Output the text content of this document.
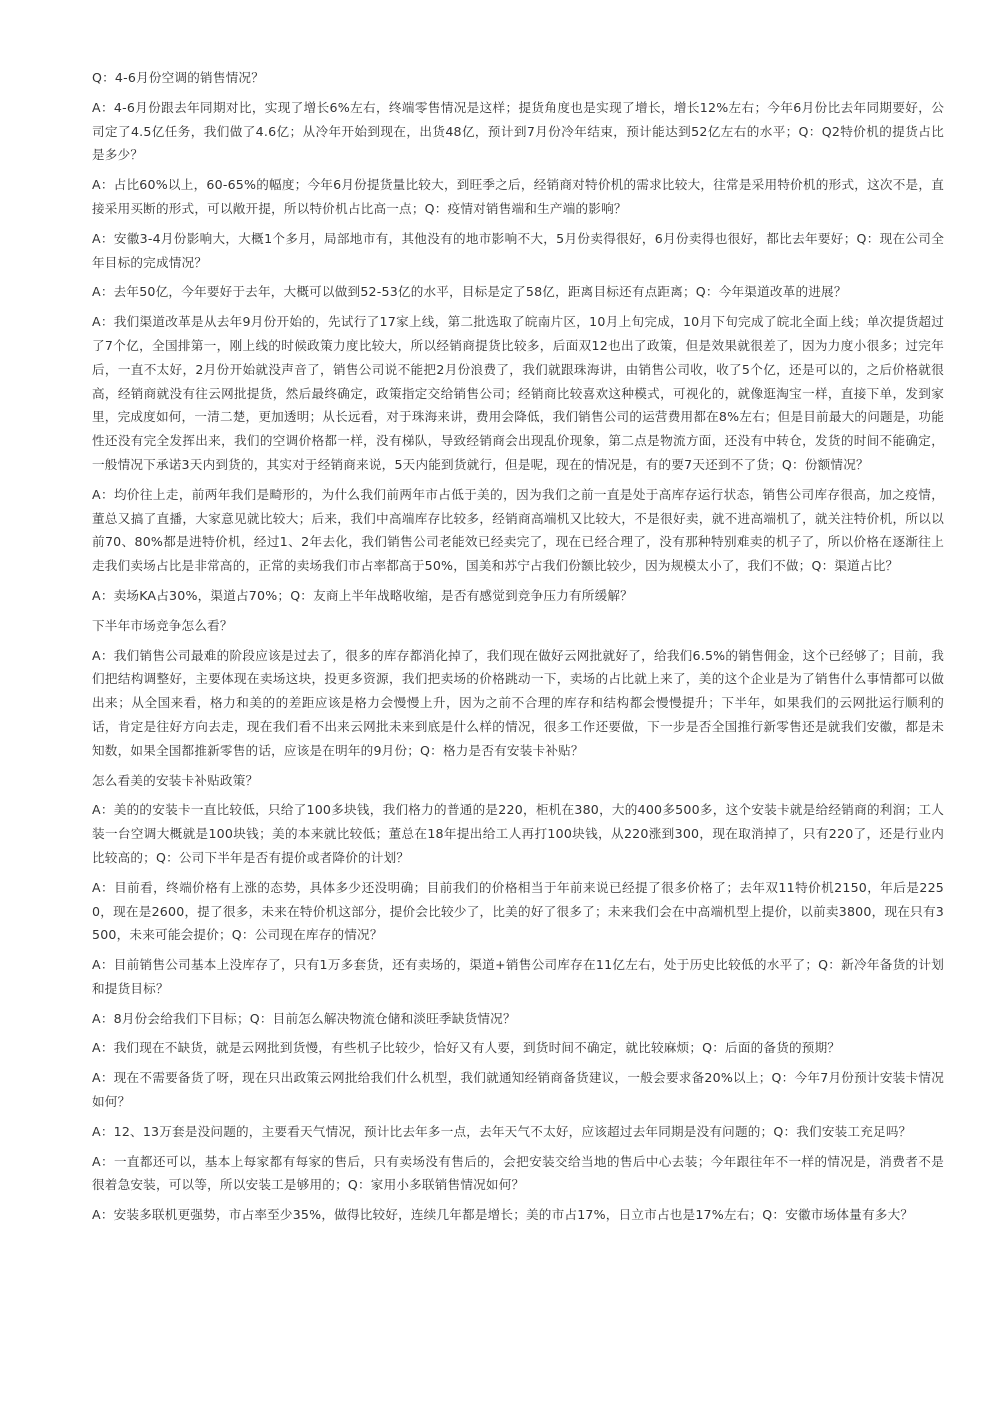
Q：4-6月份空调的销售情况？

A：4-6月份跟去年同期对比，实现了增长6%左右，终端零售情况是这样；提货角度也是实现了增长，增长12%左右；今年6月份比去年同期要好，公司定了4.5亿任务，我们做了4.6亿；从冷年开始到现在，出货48亿，预计到7月份冷年结束，预计能达到52亿左右的水平；Q：Q2特价机的提货占比是多少？

A：占比60%以上，60-65%的幅度；今年6月份提货量比较大，到旺季之后，经销商对特价机的需求比较大，往常是采用特价机的形式，这次不是，直接采用买断的形式，可以敞开提，所以特价机占比高一点；Q：疫情对销售端和生产端的影响？

A：安徽3-4月份影响大，大概1个多月，局部地市有，其他没有的地市影响不大，5月份卖得很好，6月份卖得也很好，都比去年要好；Q：现在公司全年目标的完成情况？

A：去年50亿，今年要好于去年，大概可以做到52-53亿的水平，目标是定了58亿，距离目标还有点距离；Q：今年渠道改革的进展？

A：我们渠道改革是从去年9月份开始的，先试行了17家上线，第二批选取了皖南片区，10月上旬完成，10月下旬完成了皖北全面上线；单次提货超过了7个亿，全国排第一，刚上线的时候政策力度比较大，所以经销商提货比较多，后面双12也出了政策，但是效果就很差了，因为力度小很多；过完年后，一直不太好，2月份开始就没声音了，销售公司说不能把2月份浪费了，我们就跟珠海讲，由销售公司收，收了5个亿，还是可以的，之后价格就很高，经销商就没有往云网批提货，然后最终确定，政策指定交给销售公司；经销商比较喜欢这种模式，可视化的，就像逛淘宝一样，直接下单，发到家里，完成度如何，一清二楚，更加透明；从长远看，对于珠海来讲，费用会降低，我们销售公司的运营费用都在8%左右；但是目前最大的问题是，功能性还没有完全发挥出来，我们的空调价格都一样，没有梯队，导致经销商会出现乱价现象，第二点是物流方面，还没有中转仓，发货的时间不能确定，一般情况下承诺3天内到货的，其实对于经销商来说，5天内能到货就行，但是呢，现在的情况是，有的要7天还到不了货；Q：份额情况？

A：均价往上走，前两年我们是畸形的，为什么我们前两年市占低于美的，因为我们之前一直是处于高库存运行状态，销售公司库存很高，加之疫情，董总又搞了直播，大家意见就比较大；后来，我们中高端库存比较多，经销商高端机又比较大，不是很好卖，就不进高端机了，就关注特价机，所以以前70、80%都是进特价机，经过1、2年去化，我们销售公司老能效已经卖完了，现在已经合理了，没有那种特别难卖的机子了，所以价格在逐渐往上走我们卖场占比是非常高的，正常的卖场我们市占率都高于50%，国美和苏宁占我们份额比较少，因为规模太小了，我们不做；Q：渠道占比？

A：卖场KA占30%，渠道占70%；Q：友商上半年战略收缩，是否有感觉到竞争压力有所缓解？

下半年市场竞争怎么看？

A：我们销售公司最难的阶段应该是过去了，很多的库存都消化掉了，我们现在做好云网批就好了，给我们6.5%的销售佣金，这个已经够了；目前，我们把结构调整好，主要体现在卖场这块，投更多资源，我们把卖场的价格跳动一下，卖场的占比就上来了，美的这个企业是为了销售什么事情都可以做出来；从全国来看，格力和美的的差距应该是格力会慢慢上升，因为之前不合理的库存和结构都会慢慢提升；下半年，如果我们的云网批运行顺利的话，肯定是往好方向去走，现在我们看不出来云网批未来到底是什么样的情况，很多工作还要做，下一步是否全国推行新零售还是就我们安徽，都是未知数，如果全国都推新零售的话，应该是在明年的9月份；Q：格力是否有安装卡补贴？

怎么看美的安装卡补贴政策？

A：美的的安装卡一直比较低，只给了100多块钱，我们格力的普通的是220，柜机在380，大的400多500多，这个安装卡就是给经销商的利润；工人装一台空调大概就是100块钱；美的本来就比较低；董总在18年提出给工人再打100块钱，从220涨到300，现在取消掉了，只有220了，还是行业内比较高的；Q：公司下半年是否有提价或者降价的计划？

A：目前看，终端价格有上涨的态势，具体多少还没明确；目前我们的价格相当于年前来说已经提了很多价格了；去年双11特价机2150，年后是2250，现在是2600，提了很多，未来在特价机这部分，提价会比较少了，比美的好了很多了；未来我们会在中高端机型上提价，以前卖3800，现在只有3500，未来可能会提价；Q：公司现在库存的情况？

A：目前销售公司基本上没库存了，只有1万多套货，还有卖场的，渠道+销售公司库存在11亿左右，处于历史比较低的水平了；Q：新冷年备货的计划和提货目标？

A：8月份会给我们下目标；Q：目前怎么解决物流仓储和淡旺季缺货情况？

A：我们现在不缺货，就是云网批到货慢，有些机子比较少，恰好又有人要，到货时间不确定，就比较麻烦；Q：后面的备货的预期？

A：现在不需要备货了呀，现在只出政策云网批给我们什么机型，我们就通知经销商备货建议，一般会要求备20%以上；Q：今年7月份预计安装卡情况如何？

A：12、13万套是没问题的，主要看天气情况，预计比去年多一点，去年天气不太好，应该超过去年同期是没有问题的；Q：我们安装工充足吗？

A：一直都还可以，基本上每家都有每家的售后，只有卖场没有售后的，会把安装交给当地的售后中心去装；今年跟往年不一样的情况是，消费者不是很着急安装，可以等，所以安装工是够用的；Q：家用小多联销售情况如何？

A：安装多联机更强势，市占率至少35%，做得比较好，连续几年都是增长；美的市占17%，日立市占也是17%左右；Q：安徽市场体量有多大？
